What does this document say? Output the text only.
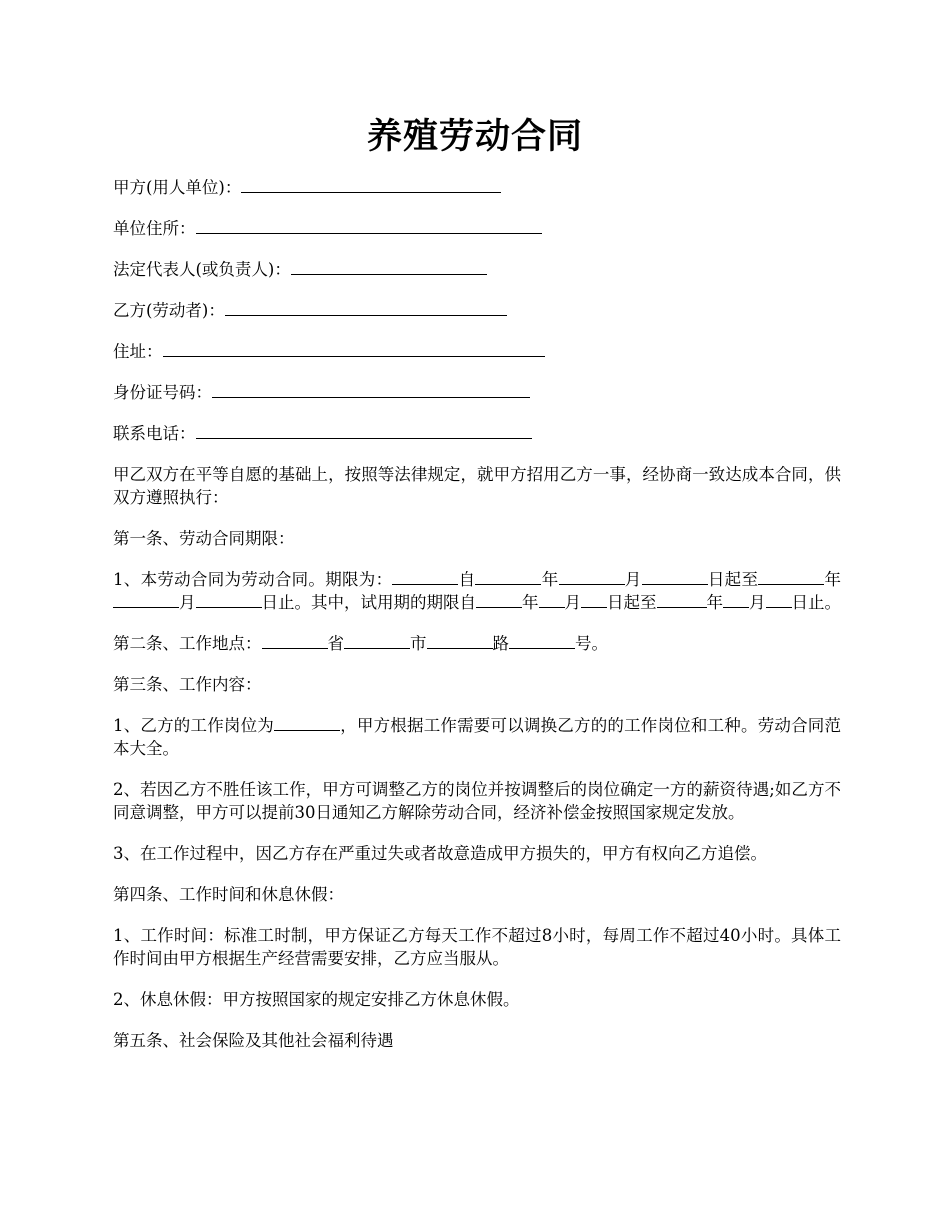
养殖劳动合同
甲方(用人单位)：
单位住所：
法定代表人(或负责人)：
乙方(劳动者)：
住址：
身份证号码：
联系电话：

甲乙双方在平等自愿的基础上，按照等法律规定，就甲方招用乙方一事，经协商一致达成本合同，供双方遵照执行：

第一条、劳动合同期限：

1、本劳动合同为劳动合同。期限为：	自	年	月	日起至	年月	日止。其中，试用期的期限自	年 月 日起至	年 月 日止。

第二条、工作地点：	省	市	路	号。

第三条、工作内容：

1、乙方的工作岗位为	，甲方根据工作需要可以调换乙方的的工作岗位和工种。劳动合同范本大全。

2、若因乙方不胜任该工作，甲方可调整乙方的岗位并按调整后的岗位确定一方的薪资待遇;如乙方不同意调整，甲方可以提前30日通知乙方解除劳动合同，经济补偿金按照国家规定发放。

3、在工作过程中，因乙方存在严重过失或者故意造成甲方损失的，甲方有权向乙方追偿。

第四条、工作时间和休息休假：

1、工作时间：标准工时制，甲方保证乙方每天工作不超过8小时，每周工作不超过40小时。具体工作时间由甲方根据生产经营需要安排，乙方应当服从。

2、休息休假：甲方按照国家的规定安排乙方休息休假。

第五条、社会保险及其他社会福利待遇
